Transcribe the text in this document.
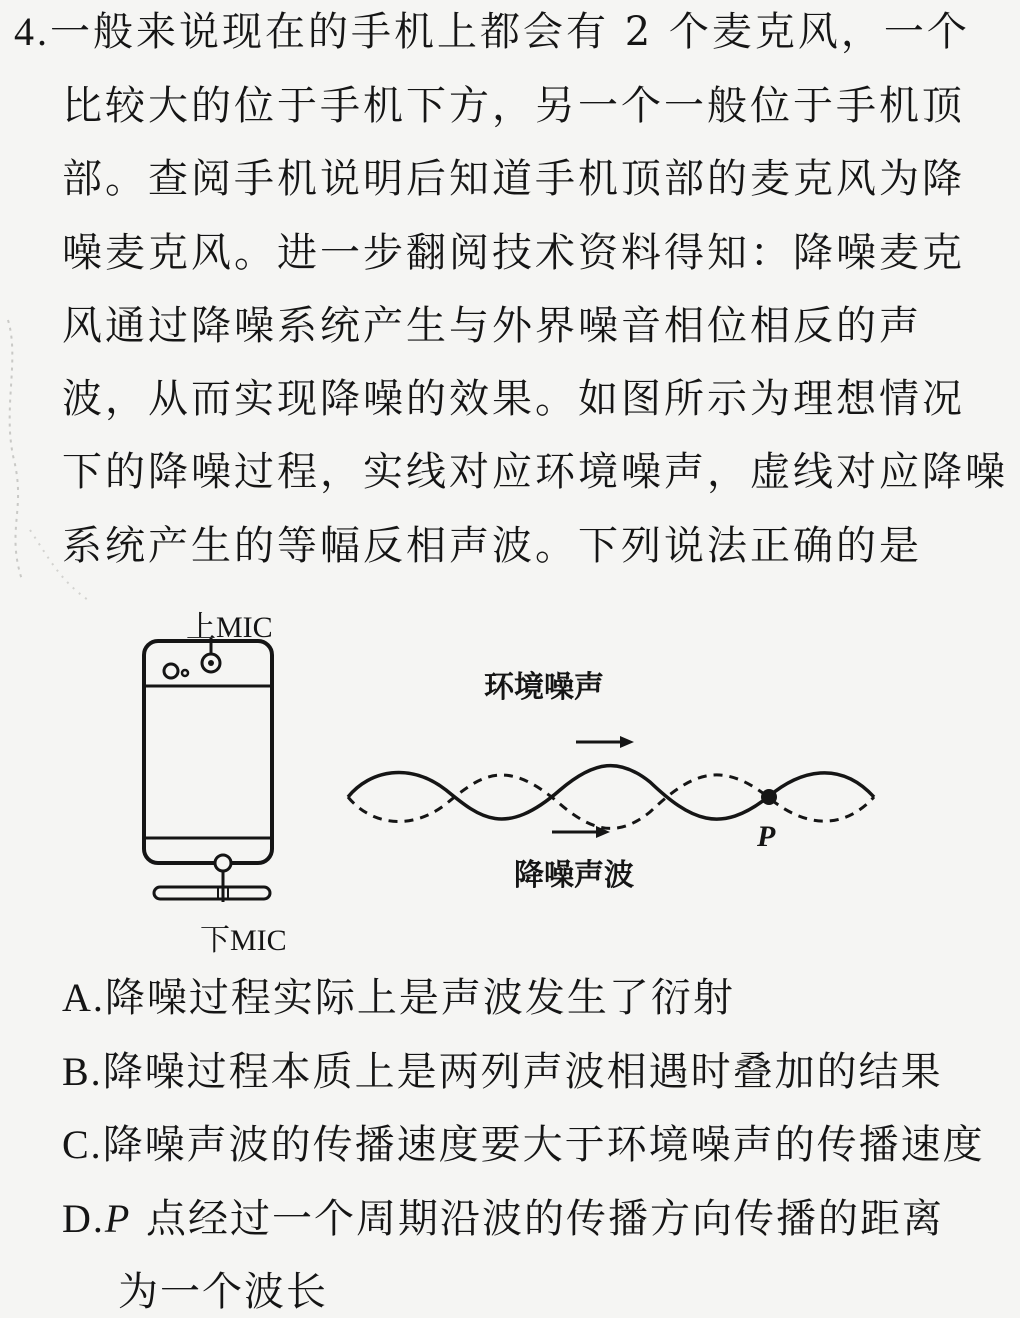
4.一般来说现在的手机上都会有 2 个麦克风，一个
比较大的位于手机下方，另一个一般位于手机顶
部。查阅手机说明后知道手机顶部的麦克风为降
噪麦克风。进一步翻阅技术资料得知：降噪麦克
风通过降噪系统产生与外界噪音相位相反的声
波，从而实现降噪的效果。如图所示为理想情况
下的降噪过程，实线对应环境噪声，虚线对应降噪
系统产生的等幅反相声波。下列说法正确的是
上MIC
下MIC
环境噪声
P
降噪声波
A.降噪过程实际上是声波发生了衍射
B.降噪过程本质上是两列声波相遇时叠加的结果
C.降噪声波的传播速度要大于环境噪声的传播速度
D.P 点经过一个周期沿波的传播方向传播的距离
为一个波长
